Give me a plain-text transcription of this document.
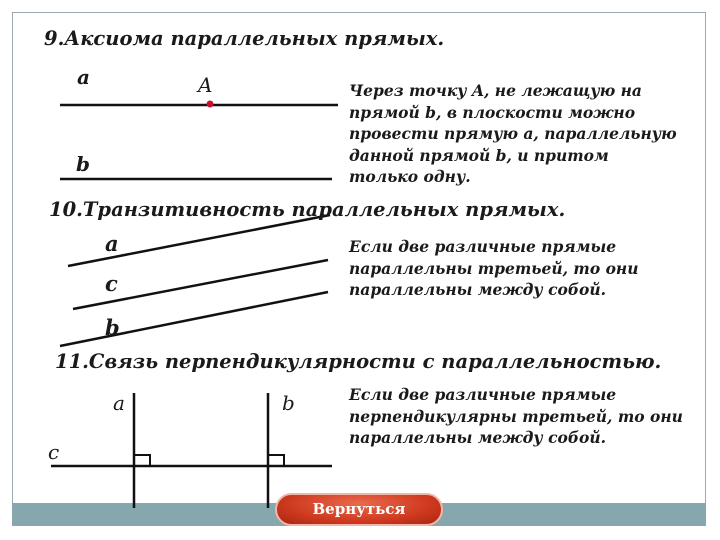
9.Аксиома параллельных прямых.
a	A
b

Через точку A, не лежащую на
прямой b, в плоскости можно
провести прямую a, параллельную
данной прямой b, и притом
только одну.

10.Транзитивность параллельных прямых.
a
c
b

Если две различные прямые
параллельны третьей, то они
параллельны между собой.

11.Связь перпендикулярности с параллельностью.
a	b
c

Если две различные прямые
перпендикулярны третьей, то они
параллельны между собой.

Вернуться
